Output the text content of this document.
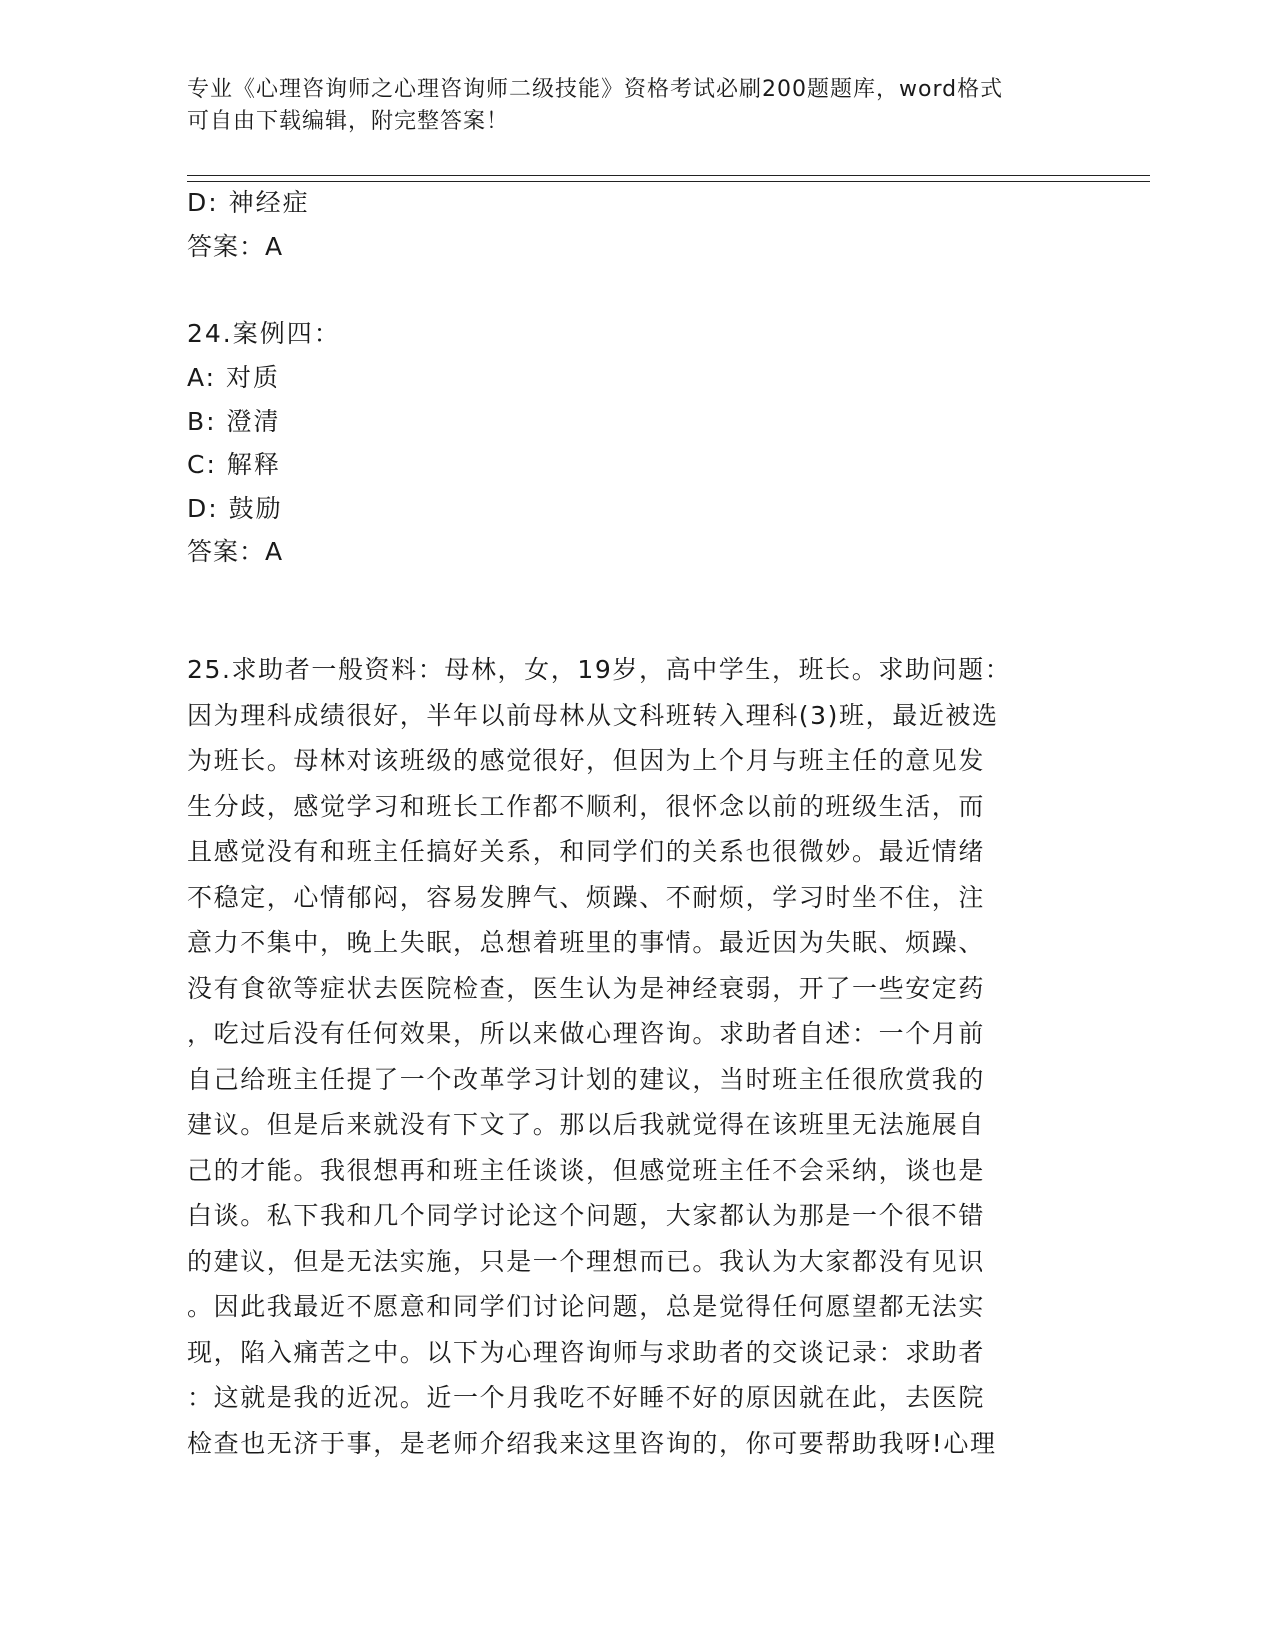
专业《心理咨询师之心理咨询师二级技能》资格考试必刷200题题库，word格式
可自由下载编辑，附完整答案！
D: 神经症
答案：A
24.案例四：
A: 对质
B: 澄清
C: 解释
D: 鼓励
答案：A
25.求助者一般资料：母林，女，19岁，高中学生，班长。求助问题：
因为理科成绩很好，半年以前母林从文科班转入理科(3)班，最近被选
为班长。母林对该班级的感觉很好，但因为上个月与班主任的意见发
生分歧，感觉学习和班长工作都不顺利，很怀念以前的班级生活，而
且感觉没有和班主任搞好关系，和同学们的关系也很微妙。最近情绪
不稳定，心情郁闷，容易发脾气、烦躁、不耐烦，学习时坐不住，注
意力不集中，晚上失眠，总想着班里的事情。最近因为失眠、烦躁、
没有食欲等症状去医院检查，医生认为是神经衰弱，开了一些安定药
，吃过后没有任何效果，所以来做心理咨询。求助者自述：一个月前
自己给班主任提了一个改革学习计划的建议，当时班主任很欣赏我的
建议。但是后来就没有下文了。那以后我就觉得在该班里无法施展自
己的才能。我很想再和班主任谈谈，但感觉班主任不会采纳，谈也是
白谈。私下我和几个同学讨论这个问题，大家都认为那是一个很不错
的建议，但是无法实施，只是一个理想而已。我认为大家都没有见识
。因此我最近不愿意和同学们讨论问题，总是觉得任何愿望都无法实
现，陷入痛苦之中。以下为心理咨询师与求助者的交谈记录：求助者
：这就是我的近况。近一个月我吃不好睡不好的原因就在此，去医院
检查也无济于事，是老师介绍我来这里咨询的，你可要帮助我呀!心理
